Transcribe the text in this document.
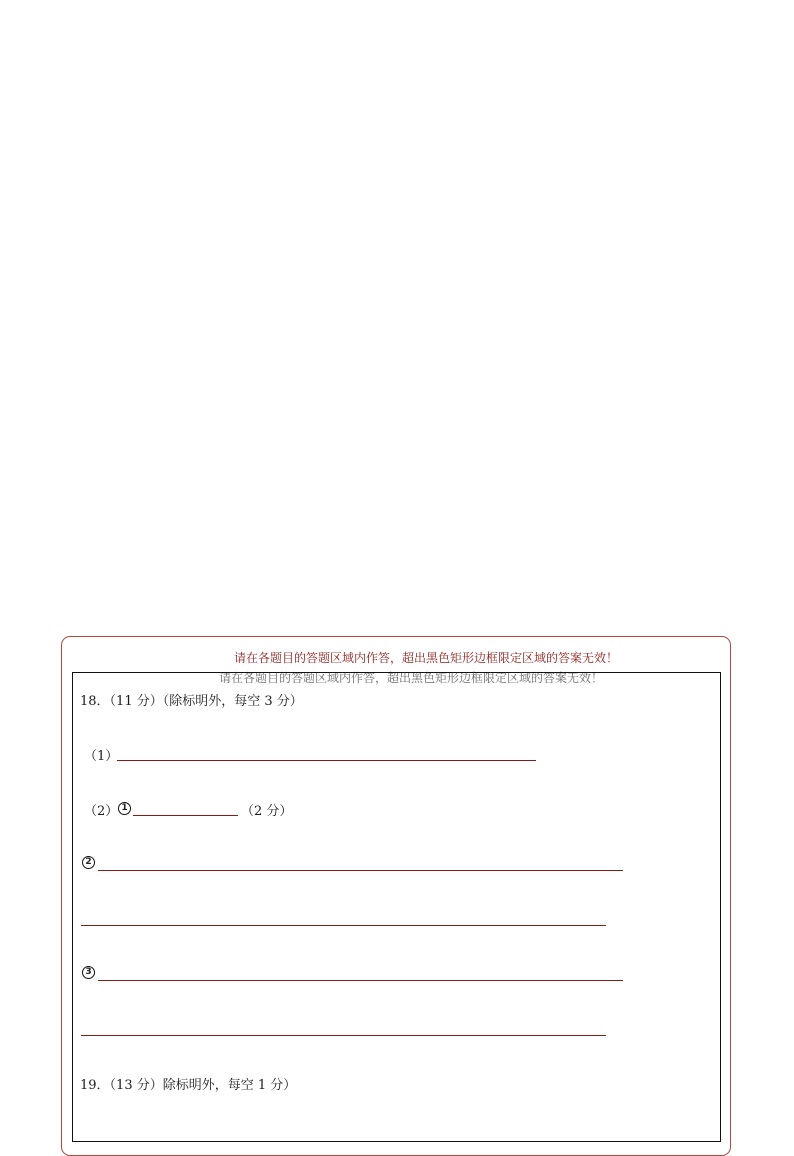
请在各题目的答题区域内作答，超出黑色矩形边框限定区域的答案无效！
请在各题目的答题区域内作答，超出黑色矩形边框限定区域的答案无效！
18．（11 分）（除标明外，每空 3 分）
（1）
（2） 1	（2 分）
2
3
19．（13 分）除标明外，每空 1 分）
